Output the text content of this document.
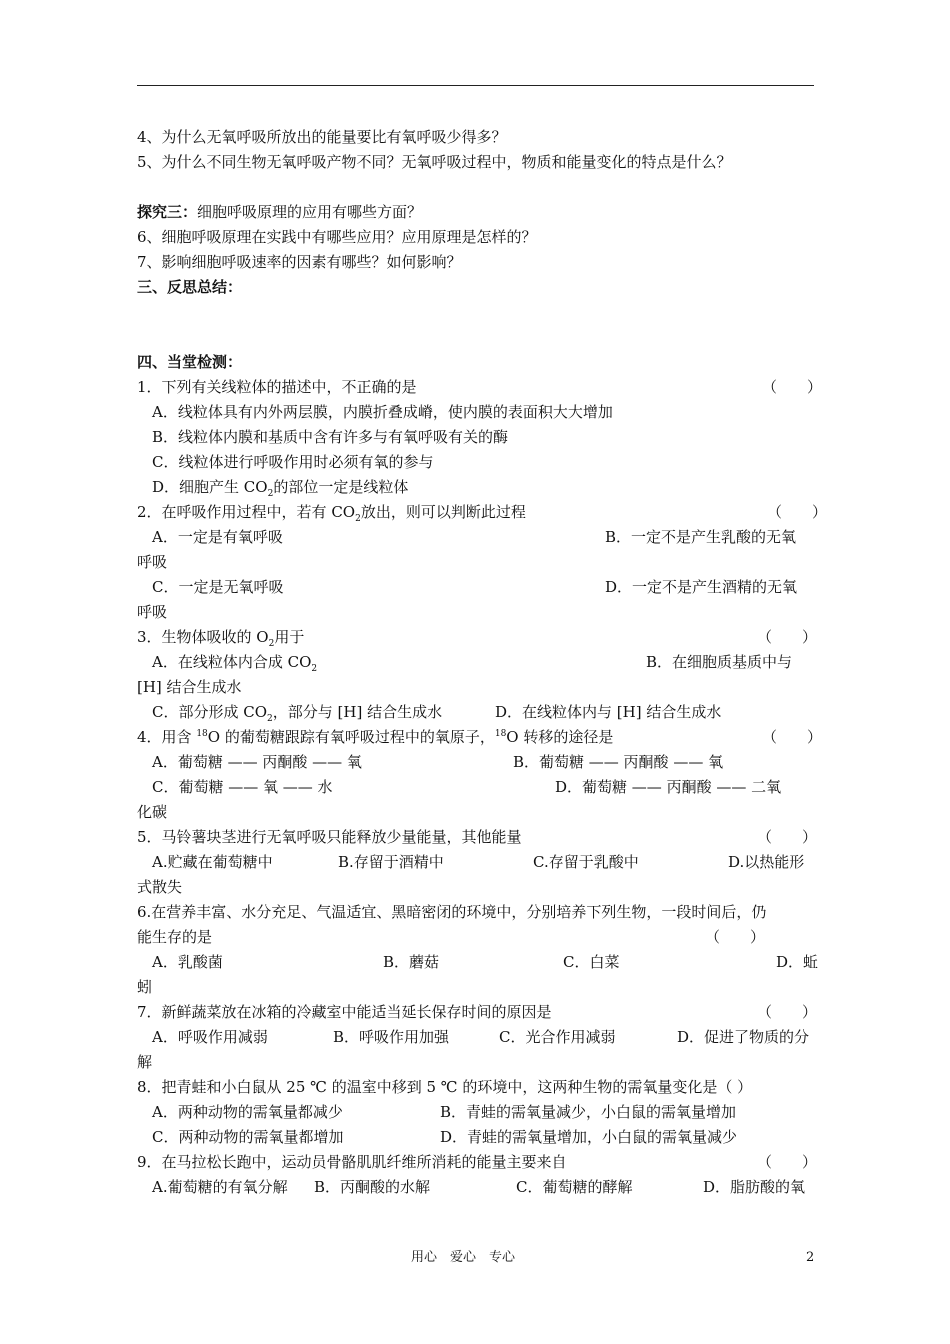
4、为什么无氧呼吸所放出的能量要比有氧呼吸少得多？
5、为什么不同生物无氧呼吸产物不同？无氧呼吸过程中，物质和能量变化的特点是什么？
探究三：细胞呼吸原理的应用有哪些方面？
6、细胞呼吸原理在实践中有哪些应用？应用原理是怎样的？
7、影响细胞呼吸速率的因素有哪些？如何影响？
三、反思总结：
四、当堂检测：
1．下列有关线粒体的描述中，不正确的是	（　　）
A．线粒体具有内外两层膜，内膜折叠成嵴，使内膜的表面积大大增加
B．线粒体内膜和基质中含有许多与有氧呼吸有关的酶
C．线粒体进行呼吸作用时必须有氧的参与
D．细胞产生 $CO_2$的部位一定是线粒体
2．在呼吸作用过程中，若有 $CO_2$放出，则可以判断此过程	（　　）
A．一定是有氧呼吸	B．一定不是产生乳酸的无氧
呼吸
C．一定是无氧呼吸	D．一定不是产生酒精的无氧
呼吸
3．生物体吸收的 $O_2$用于	（　　）
A．在线粒体内合成 $CO_2$	B．在细胞质基质中与
[H] 结合生成水
C．部分形成 $CO_2$，部分与 [H] 结合生成水	D．在线粒体内与 [H] 结合生成水
4．用含 $^{18}$O 的葡萄糖跟踪有氧呼吸过程中的氧原子，$^{18}$O 转移的途径是	（　　）
A．葡萄糖 —— 丙酮酸 —— 氧	B．葡萄糖 —— 丙酮酸 —— 氧
C．葡萄糖 —— 氧 —— 水	D．葡萄糖 —— 丙酮酸 —— 二氧
化碳
5．马铃薯块茎进行无氧呼吸只能释放少量能量，其他能量	（　　）
A.贮藏在葡萄糖中	B.存留于酒精中	C.存留于乳酸中	D.以热能形
式散失
6.在营养丰富、水分充足、气温适宜、黑暗密闭的环境中，分别培养下列生物，一段时间后，仍
能生存的是	（　　）
A．乳酸菌	B．蘑菇	C．白菜	D．蚯
蚓
7．新鲜蔬菜放在冰箱的冷藏室中能适当延长保存时间的原因是	（　　）
A．呼吸作用减弱	B．呼吸作用加强	C．光合作用减弱	D．促进了物质的分
解
8．把青蛙和小白鼠从 25 ℃ 的温室中移到 5 ℃ 的环境中，这两种生物的需氧量变化是（ ）
A．两种动物的需氧量都减少	B．青蛙的需氧量减少，小白鼠的需氧量增加
C．两种动物的需氧量都增加	D．青蛙的需氧量增加，小白鼠的需氧量减少
9．在马拉松长跑中，运动员骨骼肌肌纤维所消耗的能量主要来自	（　　）
A.葡萄糖的有氧分解	B．丙酮酸的水解	C．葡萄糖的酵解	D．脂肪酸的氧
用心　爱心　专心	2
